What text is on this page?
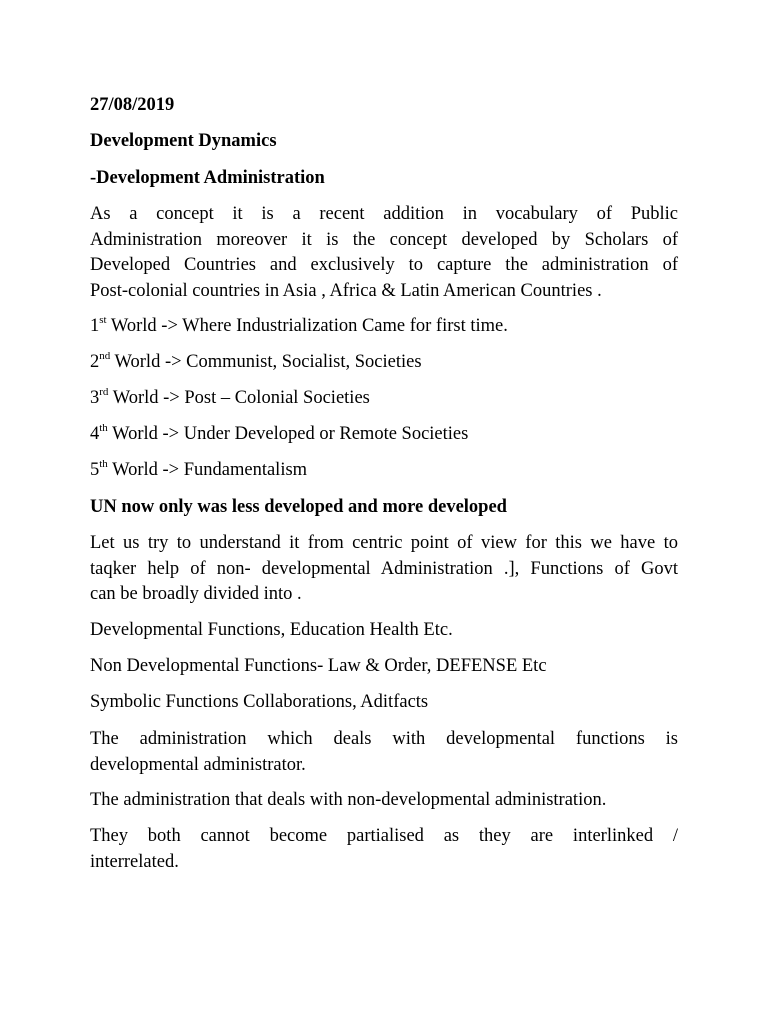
27/08/2019
Development Dynamics
-Development Administration
As a concept it is a recent addition in vocabulary of Public
Administration moreover it is the concept developed by Scholars of
Developed Countries and exclusively to capture the administration of
Post-colonial countries in Asia , Africa & Latin American Countries .
1st World -> Where Industrialization Came for first time.
2nd World -> Communist, Socialist, Societies
3rd World -> Post – Colonial Societies
4th World -> Under Developed or Remote Societies
5th World -> Fundamentalism
UN now only was less developed and more developed
Let us try to understand it from centric point of view for this we have to
taqker help of non- developmental Administration .], Functions of Govt
can be broadly divided into .
Developmental Functions, Education Health Etc.
Non Developmental Functions- Law & Order, DEFENSE Etc
Symbolic Functions Collaborations, Aditfacts
The administration which deals with developmental functions is
developmental administrator.
The administration that deals with non-developmental administration.
They both cannot become partialised as they are interlinked /
interrelated.
